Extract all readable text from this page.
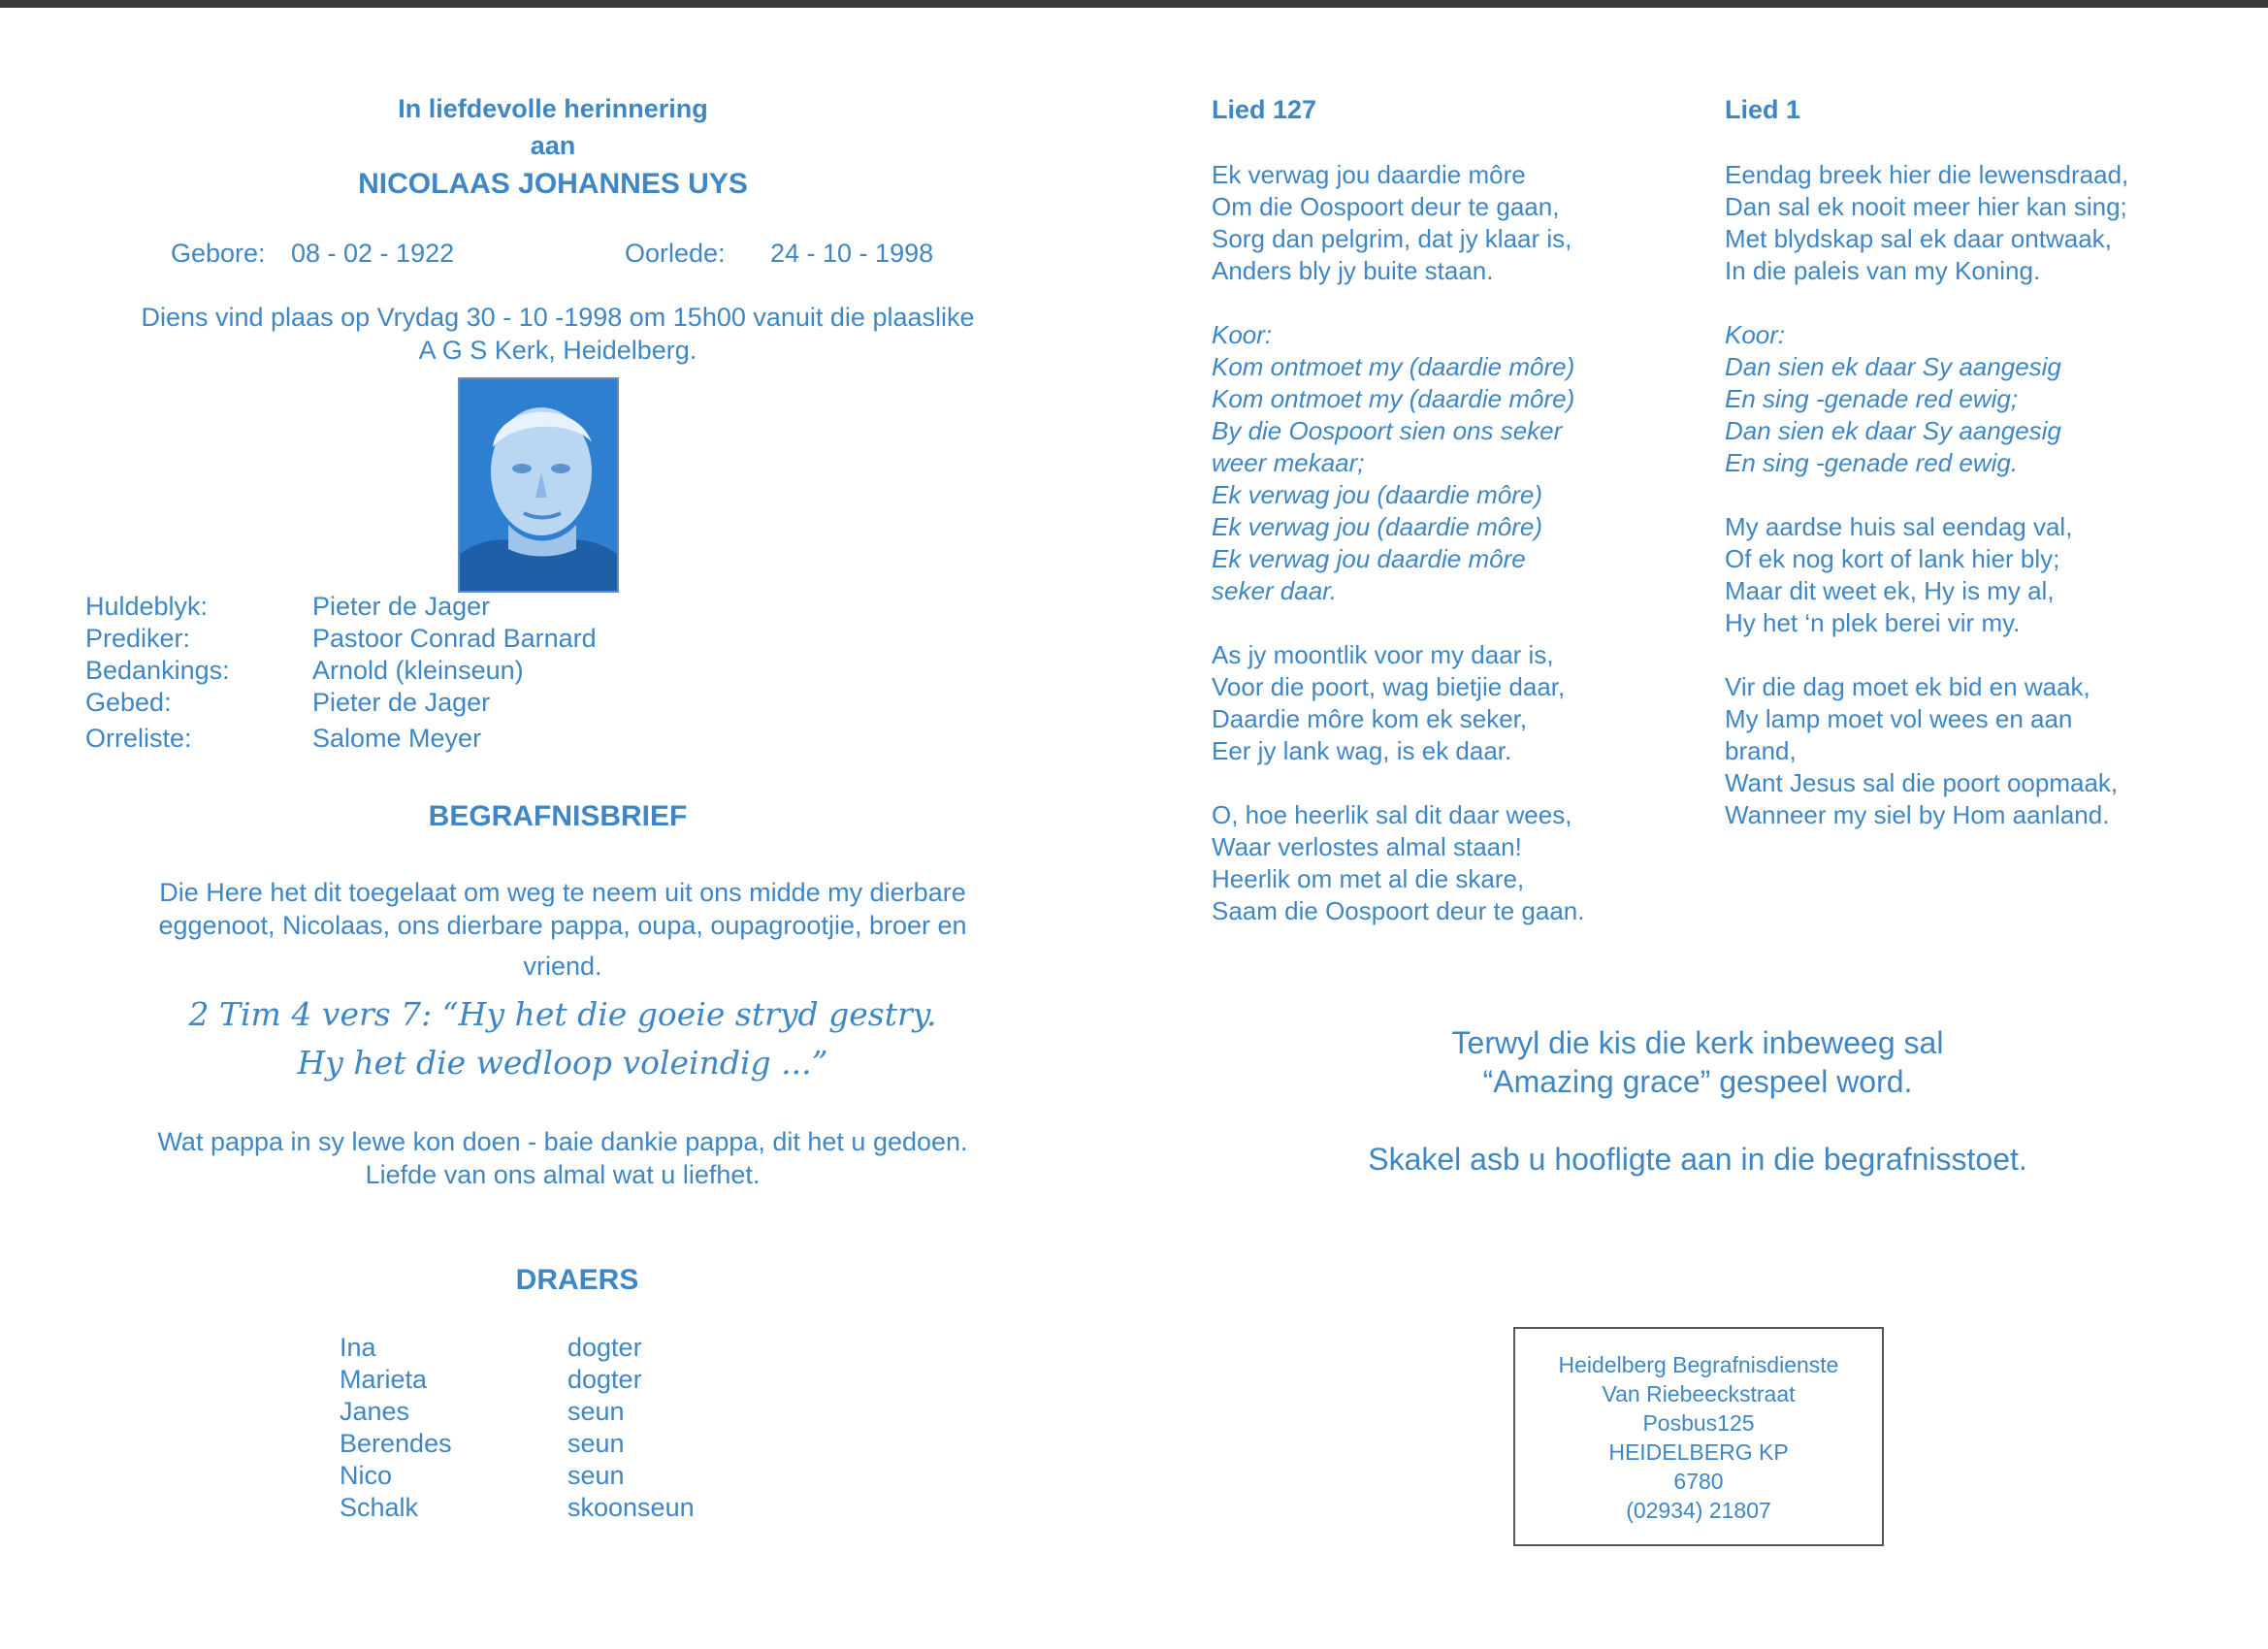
In liefdevolle herinnering
aan
NICOLAAS JOHANNES UYS
Gebore: 08 - 02 - 1922	Oorlede: 24 - 10 - 1998
Diens vind plaas op Vrydag 30 - 10 -1998 om 15h00 vanuit die plaaslike
A G S Kerk, Heidelberg.
Huldeblyk:
Prediker:
Bedankings:
Gebed:
Orreliste:
Pieter de Jager
Pastoor Conrad Barnard
Arnold (kleinseun)
Pieter de Jager
Salome Meyer
BEGRAFNISBRIEF
Die Here het dit toegelaat om weg te neem uit ons midde my dierbare
eggenoot, Nicolaas, ons dierbare pappa, oupa, oupagrootjie, broer en
vriend.
2 Tim 4 vers 7: “Hy het die goeie stryd gestry.
Hy het die wedloop voleindig ...”
Wat pappa in sy lewe kon doen - baie dankie pappa, dit het u gedoen.
Liefde van ons almal wat u liefhet.
DRAERS
Ina
Marieta
Janes
Berendes
Nico
Schalk
dogter
dogter
seun
seun
seun
skoonseun
Lied 127
Ek verwag jou daardie môre
Om die Oospoort deur te gaan,
Sorg dan pelgrim, dat jy klaar is,
Anders bly jy buite staan.
Koor:
Kom ontmoet my (daardie môre)
Kom ontmoet my (daardie môre)
By die Oospoort sien ons seker
weer mekaar;
Ek verwag jou (daardie môre)
Ek verwag jou (daardie môre)
Ek verwag jou daardie môre
seker daar.
As jy moontlik voor my daar is,
Voor die poort, wag bietjie daar,
Daardie môre kom ek seker,
Eer jy lank wag, is ek daar.
O, hoe heerlik sal dit daar wees,
Waar verlostes almal staan!
Heerlik om met al die skare,
Saam die Oospoort deur te gaan.
Lied 1
Eendag breek hier die lewensdraad,
Dan sal ek nooit meer hier kan sing;
Met blydskap sal ek daar ontwaak,
In die paleis van my Koning.
Koor:
Dan sien ek daar Sy aangesig
En sing -genade red ewig;
Dan sien ek daar Sy aangesig
En sing -genade red ewig.
My aardse huis sal eendag val,
Of ek nog kort of lank hier bly;
Maar dit weet ek, Hy is my al,
Hy het ‘n plek berei vir my.
Vir die dag moet ek bid en waak,
My lamp moet vol wees en aan
brand,
Want Jesus sal die poort oopmaak,
Wanneer my siel by Hom aanland.
Terwyl die kis die kerk inbeweeg sal
“Amazing grace” gespeel word.
Skakel asb u hoofligte aan in die begrafnisstoet.
Heidelberg Begrafnisdienste
Van Riebeeckstraat
Posbus125
HEIDELBERG KP
6780
(02934) 21807
